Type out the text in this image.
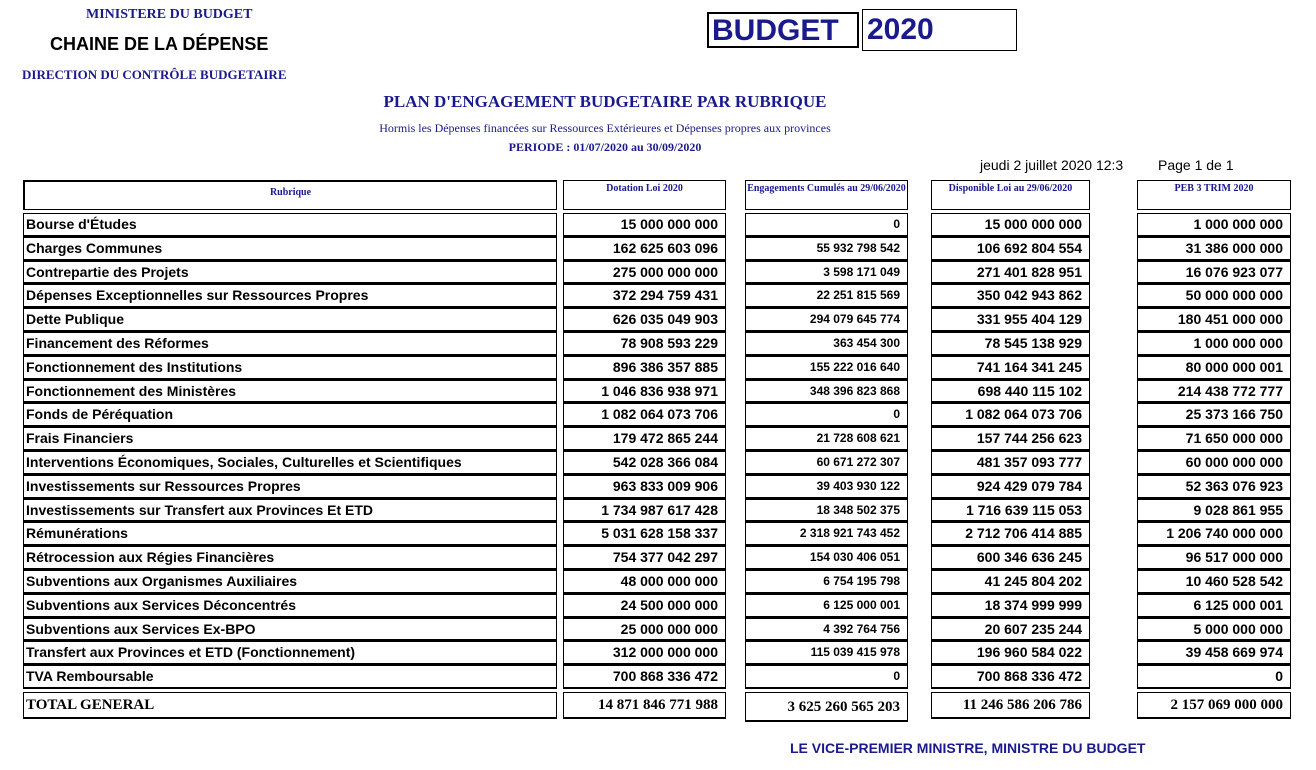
MINISTERE DU BUDGET
CHAINE DE LA DÉPENSE
DIRECTION DU CONTRÔLE BUDGETAIRE
BUDGET 2020
PLAN D'ENGAGEMENT BUDGETAIRE PAR RUBRIQUE
Hormis les Dépenses financées sur Ressources Extérieures et Dépenses propres aux provinces
PERIODE : 01/07/2020 au 30/09/2020
jeudi 2 juillet 2020 12:3 Page 1 de 1
Rubrique	Dotation Loi 2020	Engagements Cumulés au 29/06/2020	Disponible Loi au 29/06/2020	PEB 3 TRIM 2020
Bourse d'Études	15 000 000 000	0	15 000 000 000	1 000 000 000
Charges Communes	162 625 603 096	55 932 798 542	106 692 804 554	31 386 000 000
Contrepartie des Projets	275 000 000 000	3 598 171 049	271 401 828 951	16 076 923 077
Dépenses Exceptionnelles sur Ressources Propres	372 294 759 431	22 251 815 569	350 042 943 862	50 000 000 000
Dette Publique	626 035 049 903	294 079 645 774	331 955 404 129	180 451 000 000
Financement des Réformes	78 908 593 229	363 454 300	78 545 138 929	1 000 000 000
Fonctionnement des Institutions	896 386 357 885	155 222 016 640	741 164 341 245	80 000 000 001
Fonctionnement des Ministères	1 046 836 938 971	348 396 823 868	698 440 115 102	214 438 772 777
Fonds de Péréquation	1 082 064 073 706	0	1 082 064 073 706	25 373 166 750
Frais Financiers	179 472 865 244	21 728 608 621	157 744 256 623	71 650 000 000
Interventions Économiques, Sociales, Culturelles et Scientifiques	542 028 366 084	60 671 272 307	481 357 093 777	60 000 000 000
Investissements sur Ressources Propres	963 833 009 906	39 403 930 122	924 429 079 784	52 363 076 923
Investissements sur Transfert aux Provinces Et ETD	1 734 987 617 428	18 348 502 375	1 716 639 115 053	9 028 861 955
Rémunérations	5 031 628 158 337	2 318 921 743 452	2 712 706 414 885	1 206 740 000 000
Rétrocession aux Régies Financières	754 377 042 297	154 030 406 051	600 346 636 245	96 517 000 000
Subventions aux Organismes Auxiliaires	48 000 000 000	6 754 195 798	41 245 804 202	10 460 528 542
Subventions aux Services Déconcentrés	24 500 000 000	6 125 000 001	18 374 999 999	6 125 000 001
Subventions aux Services Ex-BPO	25 000 000 000	4 392 764 756	20 607 235 244	5 000 000 000
Transfert aux Provinces et ETD (Fonctionnement)	312 000 000 000	115 039 415 978	196 960 584 022	39 458 669 974
TVA Remboursable	700 868 336 472	0	700 868 336 472	0
TOTAL GENERAL	14 871 846 771 988	3 625 260 565 203	11 246 586 206 786	2 157 069 000 000
LE VICE-PREMIER MINISTRE, MINISTRE DU BUDGET
